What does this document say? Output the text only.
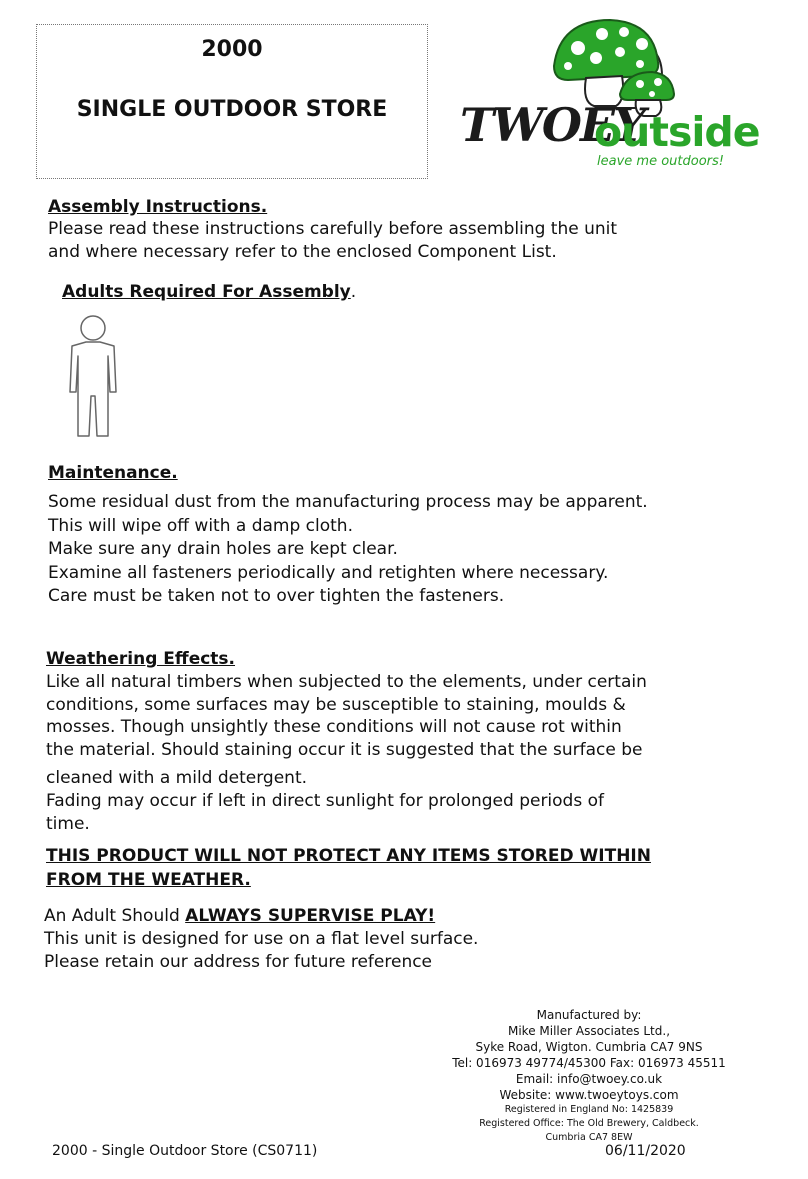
2000
SINGLE OUTDOOR STORE	TWOEY
outside
leave me outdoors!
Assembly Instructions.
Please read these instructions carefully before assembling the unit
and where necessary refer to the enclosed Component List.
Adults Required For Assembly.
Maintenance.
Some residual dust from the manufacturing process may be apparent.
This will wipe off with a damp cloth.
Make sure any drain holes are kept clear.
Examine all fasteners periodically and retighten where necessary.
Care must be taken not to over tighten the fasteners.
Weathering Effects.
Like all natural timbers when subjected to the elements, under certain
conditions, some surfaces may be susceptible to staining, moulds &
mosses. Though unsightly these conditions will not cause rot within
the material. Should staining occur it is suggested that the surface be
cleaned with a mild detergent.
Fading may occur if left in direct sunlight for prolonged periods of
time.
THIS PRODUCT WILL NOT PROTECT ANY ITEMS STORED WITHIN
FROM THE WEATHER.
An Adult Should ALWAYS SUPERVISE PLAY!
This unit is designed for use on a flat level surface.
Please retain our address for future reference
Manufactured by:
Mike Miller Associates Ltd.,
Syke Road, Wigton. Cumbria CA7 9NS
Tel: 016973 49774/45300 Fax: 016973 45511
Email: info@twoey.co.uk
Website: www.twoeytoys.com
Registered in England No: 1425839
Registered Office: The Old Brewery, Caldbeck.
Cumbria CA7 8EW
2000 - Single Outdoor Store (CS0711)	06/11/2020
